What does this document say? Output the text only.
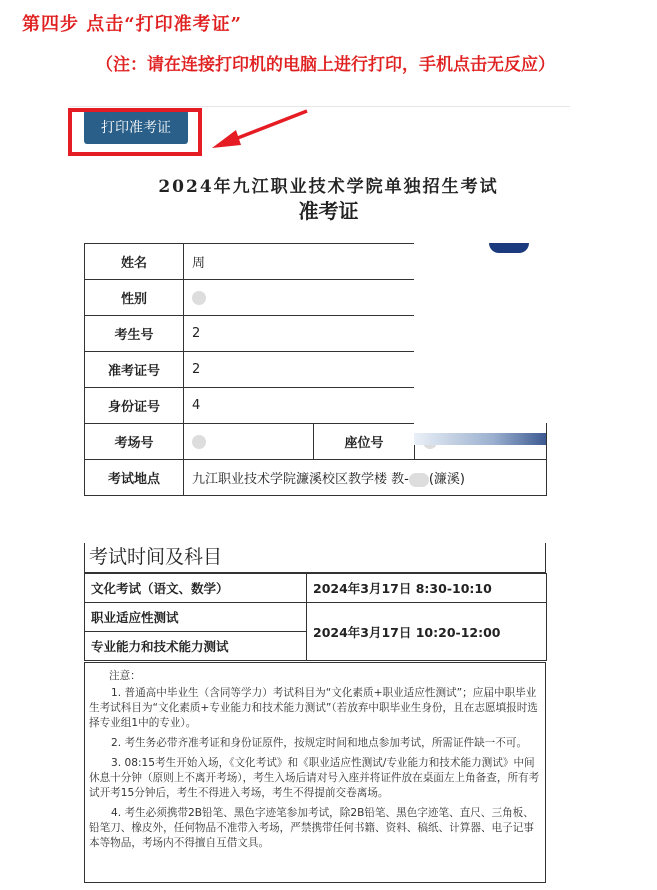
第四步 点击“打印准考证”
（注：请在连接打印机的电脑上进行打印，手机点击无反应）
打印准考证
2024年九江职业技术学院单独招生考试
准考证
姓名	周		
性别			
考生号	2		
准考证号	2		
身份证号	4		
考场号		座位号	
考试地点	九江职业技术学院濂溪校区教学楼 教- (濂溪)		
考试时间及科目
文化考试（语文、数学）	2024年3月17日 8:30-10:10
职业适应性测试	2024年3月17日 10:20-12:00
专业能力和技术能力测试	
注意：

1. 普通高中毕业生（含同等学力）考试科目为“文化素质+职业适应性测试”；应届中职毕业生考试科目为“文化素质+专业能力和技术能力测试”（若放弃中职毕业生身份，且在志愿填报时选择专业组1中的专业）。

2. 考生务必带齐准考证和身份证原件，按规定时间和地点参加考试，所需证件缺一不可。

3. 08:15考生开始入场，《文化考试》和《职业适应性测试/专业能力和技术能力测试》中间休息十分钟（原则上不离开考场），考生入场后请对号入座并将证件放在桌面左上角备查，所有考试开考15分钟后，考生不得进入考场，考生不得提前交卷离场。

4. 考生必须携带2B铅笔、黑色字迹笔参加考试，除2B铅笔、黑色字迹笔、直尺、三角板、铅笔刀、橡皮外，任何物品不准带入考场，严禁携带任何书籍、资料、稿纸、计算器、电子记事本等物品，考场内不得擅自互借文具。
